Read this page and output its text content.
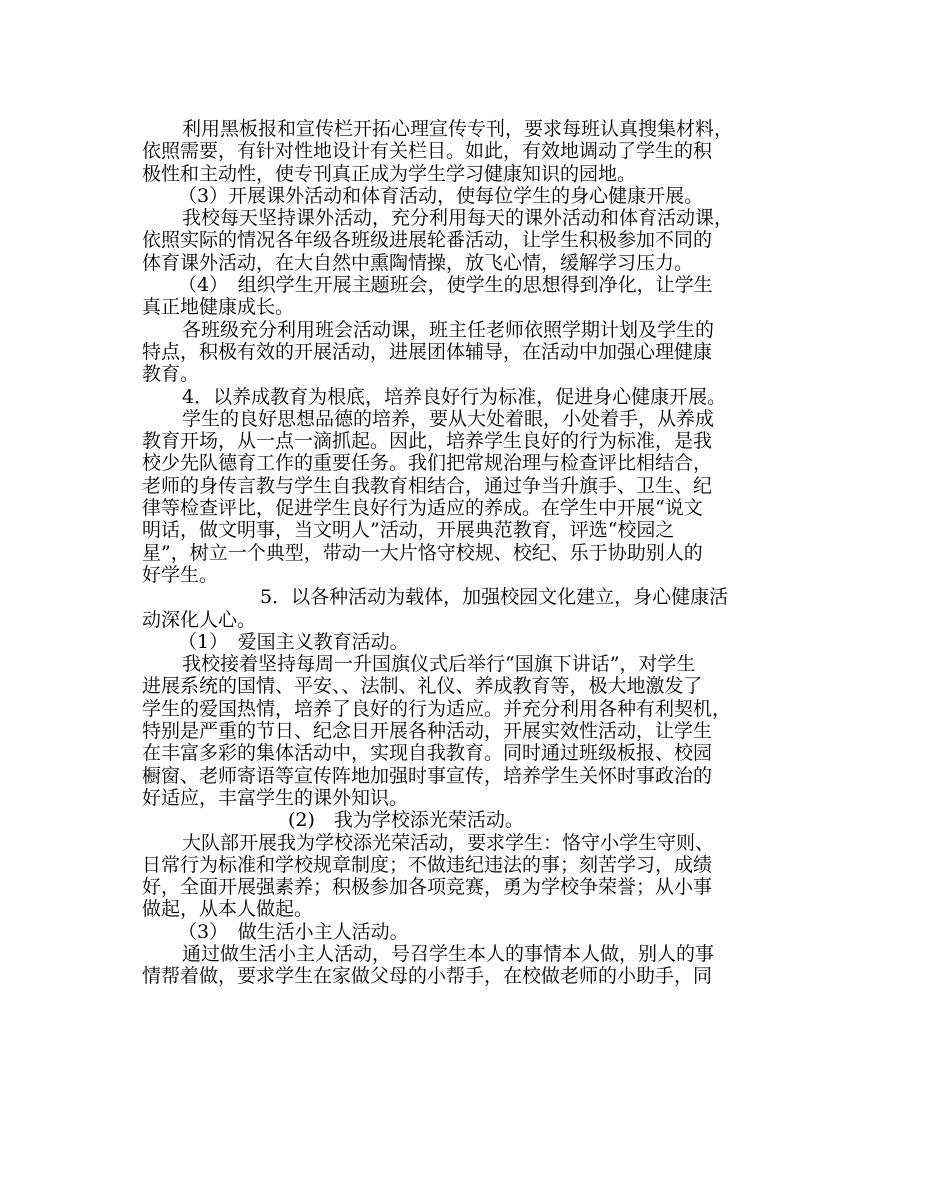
利用黑板报和宣传栏开拓心理宣传专刊，要求每班认真搜集材料，
依照需要，有针对性地设计有关栏目。如此，有效地调动了学生的积
极性和主动性，使专刊真正成为学生学习健康知识的园地。
（3）开展课外活动和体育活动，使每位学生的身心健康开展。
我校每天坚持课外活动，充分利用每天的课外活动和体育活动课，
依照实际的情况各年级各班级进展轮番活动，让学生积极参加不同的
体育课外活动，在大自然中熏陶情操，放飞心情，缓解学习压力。
（4）　组织学生开展主题班会，使学生的思想得到净化，让学生
真正地健康成长。
各班级充分利用班会活动课，班主任老师依照学期计划及学生的
特点，积极有效的开展活动，进展团体辅导，在活动中加强心理健康
教育。
4．以养成教育为根底，培养良好行为标准，促进身心健康开展。
学生的良好思想品德的培养，要从大处着眼，小处着手，从养成
教育开场，从一点一滴抓起。因此，培养学生良好的行为标准，是我
校少先队德育工作的重要任务。我们把常规治理与检查评比相结合，
老师的身传言教与学生自我教育相结合，通过争当升旗手、卫生、纪
律等检查评比，促进学生良好行为适应的养成。在学生中开展“说文
明话，做文明事，当文明人”活动，开展典范教育，评选“校园之
星”，树立一个典型，带动一大片恪守校规、校纪、乐于协助别人的
好学生。
5．以各种活动为载体，加强校园文化建立，身心健康活
动深化人心。
（1）　爱国主义教育活动。
我校接着坚持每周一升国旗仪式后举行“国旗下讲话”，对学生
进展系统的国情、平安、、法制、礼仪、养成教育等，极大地激发了
学生的爱国热情，培养了良好的行为适应。并充分利用各种有利契机，
特别是严重的节日、纪念日开展各种活动，开展实效性活动，让学生
在丰富多彩的集体活动中，实现自我教育。同时通过班级板报、校园
橱窗、老师寄语等宣传阵地加强时事宣传，培养学生关怀时事政治的
好适应，丰富学生的课外知识。
(2)　我为学校添光荣活动。
大队部开展我为学校添光荣活动，要求学生：恪守小学生守则、
日常行为标准和学校规章制度；不做违纪违法的事；刻苦学习，成绩
好，全面开展强素养；积极参加各项竞赛，勇为学校争荣誉；从小事
做起，从本人做起。
（3）　做生活小主人活动。
通过做生活小主人活动，号召学生本人的事情本人做，别人的事
情帮着做，要求学生在家做父母的小帮手，在校做老师的小助手，同
